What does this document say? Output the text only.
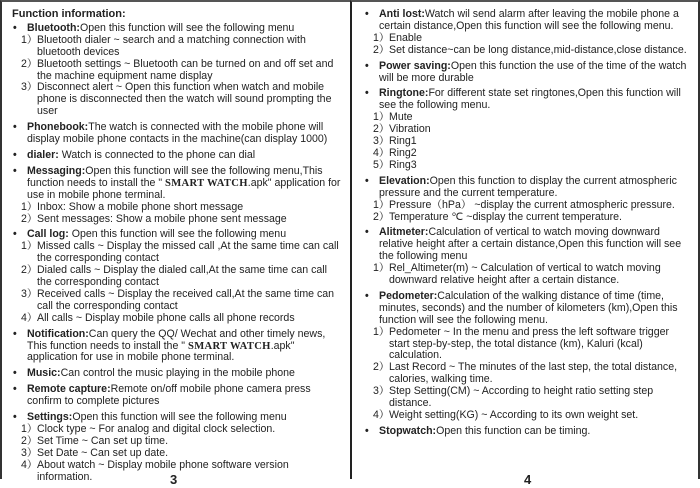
Function information:
• Bluetooth:Open this function will see the following menu
1） Bluetooth dialer ~ search and a matching connection with bluetooth devices
2） Bluetooth settings ~ Bluetooth can be turned on and off set and the machine equipment name display
3） Disconnect alert ~ Open this function when watch and mobile phone is disconnected then the watch will sound prompting the user
• Phonebook:The watch is connected with the mobile phone will display mobile phone contacts in the machine(can display 1000)
• dialer: Watch is connected to the phone can dial
• Messaging:Open this function will see the following menu,This function needs to install the " SMART WATCH.apk" application for use in mobile phone terminal.
1） Inbox: Show a mobile phone short message
2） Sent messages: Show a mobile phone sent message
• Call log: Open this function will see the following menu
1） Missed calls ~ Display the missed call ,At the same time can call the corresponding contact
2） Dialed calls ~ Display the dialed call,At the same time can call the corresponding contact
3） Received calls ~ Display the received call,At the same time can call the corresponding contact
4） All calls ~ Display mobile phone calls all phone records
• Notification:Can query the QQ/ Wechat and other timely news, This function needs to install the " SMART WATCH.apk" application for use in mobile phone terminal.
• Music:Can control the music playing in the mobile phone
• Remote capture:Remote on/off mobile phone camera press confirm to complete pictures
• Settings:Open this function will see the following menu
1） Clock type ~ For analog and digital clock selection.
2） Set Time ~ Can set up time.
3） Set Date ~ Can set up date.
4） About watch ~ Display mobile phone software version information.	3
• Anti lost:Watch wil send alarm after leaving the mobile phone a certain distance,Open this function will see the following menu.
1） Enable
2） Set distance~can be long distance,mid-distance,close distance.
• Power saving:Open this function the use of the time of the watch will be more durable
• Ringtone:For different state set ringtones,Open this function will see the following menu.
1） Mute
2） Vibration
3） Ring1
4） Ring2
5） Ring3
• Elevation:Open this function to display the current atmospheric pressure and the current temperature.
1） Pressure（hPa） ~display the current atmospheric pressure.
2） Temperature ℃ ~display the current temperature.
• Alitmeter:Calculation of vertical to watch moving downward relative height after a certain distance,Open this function will see the following menu
1） Rel_Altimeter(m) ~ Calculation of vertical to watch moving downward relative height after a certain distance.
• Pedometer:Calculation of the walking distance of time (time, minutes, seconds) and the number of kilometers (km),Open this function will see the following menu.
1） Pedometer ~ In the menu and press the left software trigger start step-by-step, the total distance (km), Kaluri (kcal) calculation.
2） Last Record ~ The minutes of the last step, the total distance, calories, walking time.
3） Step Setting(CM) ~ According to height ratio setting step distance.
4） Weight setting(KG) ~ According to its own weight set.
• Stopwatch:Open this function can be timing.
4
